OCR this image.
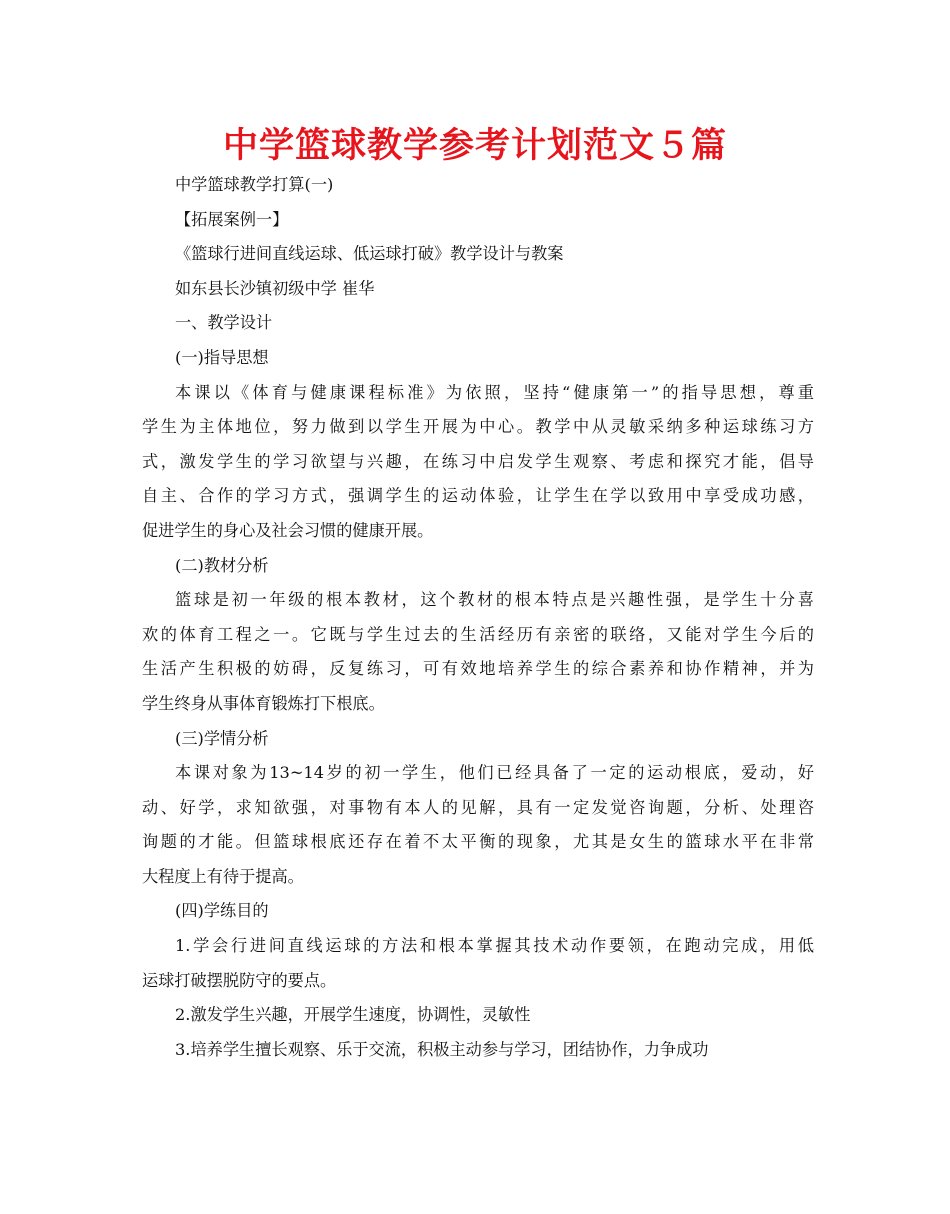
中学篮球教学参考计划范文５篇
中学篮球教学打算(一)
【拓展案例一】
《篮球行进间直线运球、低运球打破》教学设计与教案
如东县长沙镇初级中学 崔华
一、教学设计
(一)指导思想
本课以《体育与健康课程标准》为依照，坚持“健康第一”的指导思想，尊重
学生为主体地位，努力做到以学生开展为中心。教学中从灵敏采纳多种运球练习方
式，激发学生的学习欲望与兴趣，在练习中启发学生观察、考虑和探究才能，倡导
自主、合作的学习方式，强调学生的运动体验，让学生在学以致用中享受成功感，
促进学生的身心及社会习惯的健康开展。
(二)教材分析
篮球是初一年级的根本教材，这个教材的根本特点是兴趣性强，是学生十分喜
欢的体育工程之一。它既与学生过去的生活经历有亲密的联络，又能对学生今后的
生活产生积极的妨碍，反复练习，可有效地培养学生的综合素养和协作精神，并为
学生终身从事体育锻炼打下根底。
(三)学情分析
本课对象为13~14岁的初一学生，他们已经具备了一定的运动根底，爱动，好
动、好学，求知欲强，对事物有本人的见解，具有一定发觉咨询题，分析、处理咨
询题的才能。但篮球根底还存在着不太平衡的现象，尤其是女生的篮球水平在非常
大程度上有待于提高。
(四)学练目的
1.学会行进间直线运球的方法和根本掌握其技术动作要领，在跑动完成，用低
运球打破摆脱防守的要点。
2.激发学生兴趣，开展学生速度，协调性，灵敏性
3.培养学生擅长观察、乐于交流，积极主动参与学习，团结协作，力争成功
